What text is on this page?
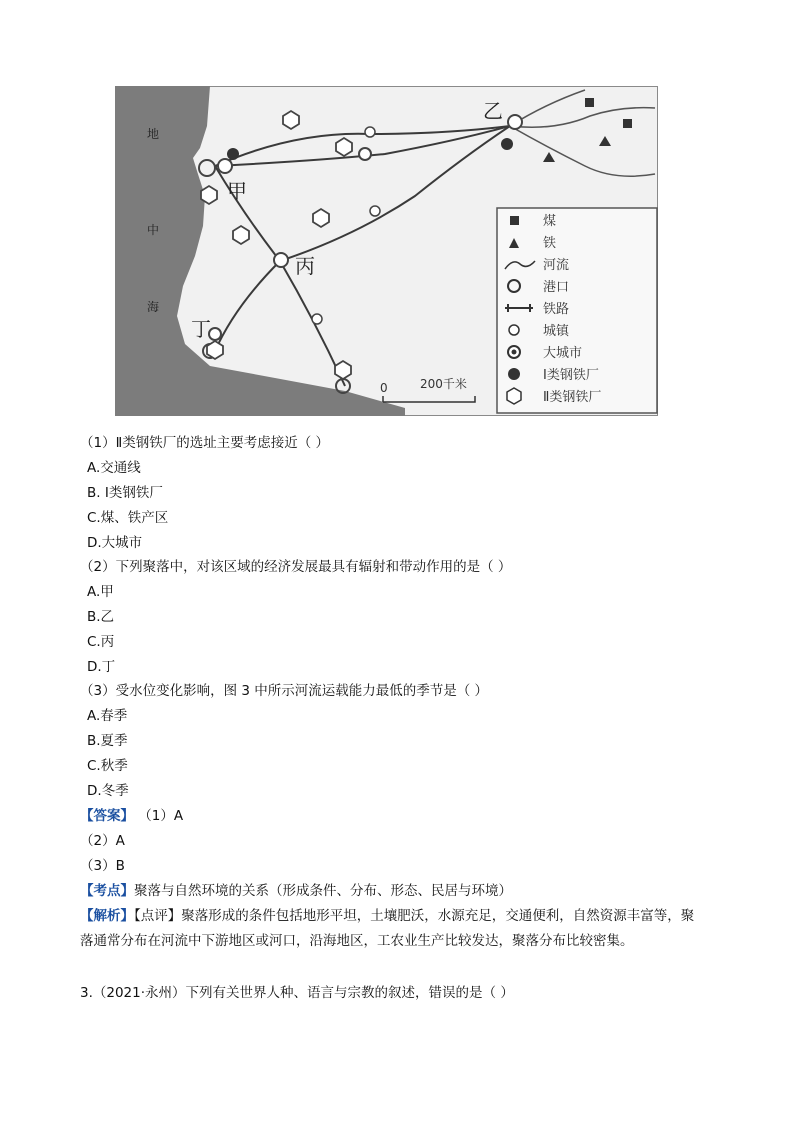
地
中
海
甲
乙
丙
丁
0	200千米
煤
铁
河流
港口
铁路
城镇
大城市
Ⅰ类钢铁厂
Ⅱ类钢铁厂
（1）Ⅱ类钢铁厂的选址主要考虑接近（ ）
A.交通线
B. Ⅰ类钢铁厂
C.煤、铁产区
D.大城市
（2）下列聚落中，对该区域的经济发展最具有辐射和带动作用的是（ ）
A.甲
B.乙
C.丙
D.丁
（3）受水位变化影响，图 3 中所示河流运载能力最低的季节是（ ）
A.春季
B.夏季
C.秋季
D.冬季
【答案】 （1）A
（2）A
（3）B
【考点】聚落与自然环境的关系（形成条件、分布、形态、民居与环境）
【解析】【点评】聚落形成的条件包括地形平坦，土壤肥沃，水源充足，交通便利，自然资源丰富等，聚
落通常分布在河流中下游地区或河口，沿海地区，工农业生产比较发达，聚落分布比较密集。
3.（2021·永州）下列有关世界人种、语言与宗教的叙述，错误的是（ ）
